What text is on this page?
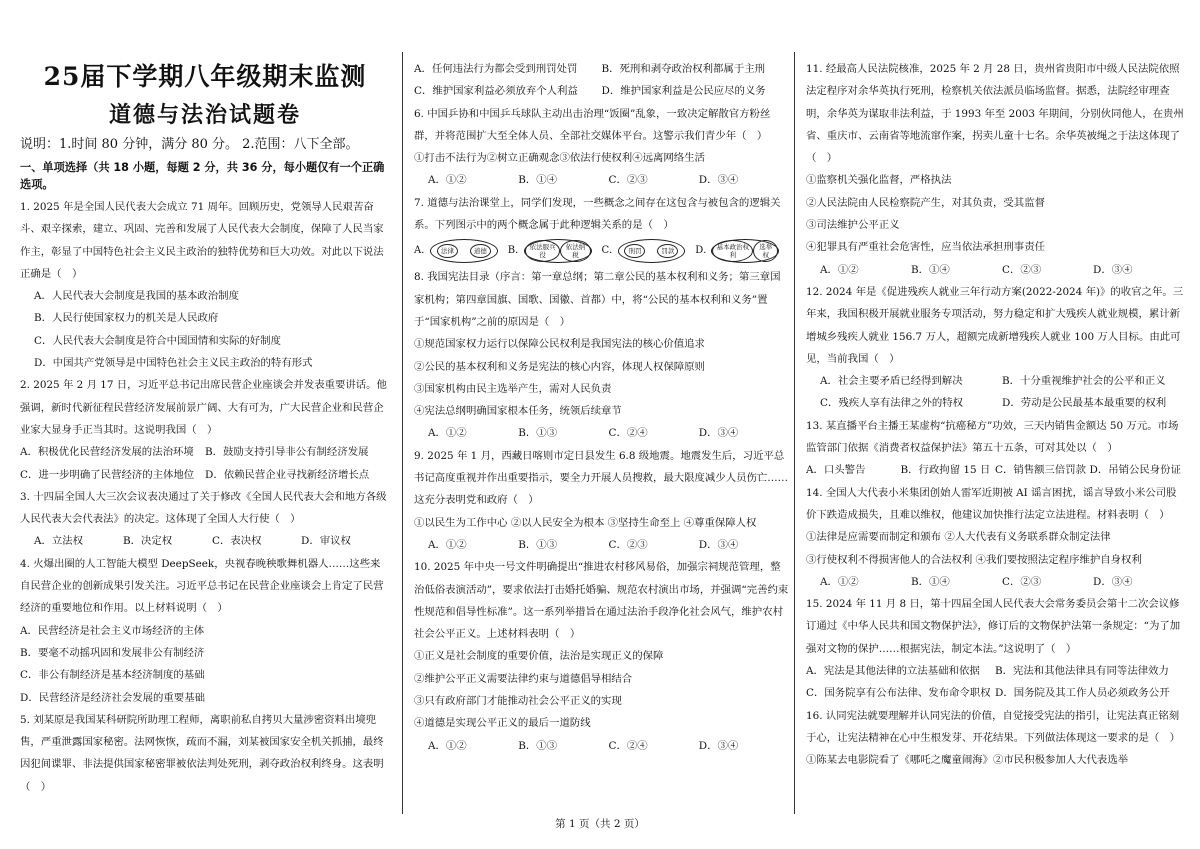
25届下学期八年级期末监测
道德与法治试题卷
说明：1.时间 80 分钟，满分 80 分。 2.范围：八下全部。
一、单项选择（共 18 小题，每题 2 分，共 36 分，每小题仅有一个正确选项。

1. 2025 年是全国人民代表大会成立 71 周年。回顾历史，党领导人民艰苦奋斗、艰辛探索，建立、巩固、完善和发展了人民代表大会制度，保障了人民当家作主，彰显了中国特色社会主义民主政治的独特优势和巨大功效。对此以下说法正确是（　）

A．人民代表大会制度是我国的基本政治制度

B．人民行使国家权力的机关是人民政府

C．人民代表大会制度是符合中国国情和实际的好制度

D．中国共产党领导是中国特色社会主义民主政治的特有形式

2. 2025 年 2 月 17 日，习近平总书记出席民营企业座谈会并发表重要讲话。他强调，新时代新征程民营经济发展前景广阔、大有可为，广大民营企业和民营企业家大显身手正当其时。这说明我国（　）

A．积极优化民营经济发展的法治环境	B．鼓励支持引导非公有制经济发展
C．进一步明确了民营经济的主体地位	D．依赖民营企业寻找新经济增长点

3. 十四届全国人大三次会议表决通过了关于修改《全国人民代表大会和地方各级人民代表大会代表法》的决定。这体现了全国人大行使（　）

A．立法权	B．决定权	C．表决权	D．审议权

4. 火爆出圈的人工智能大模型 DeepSeek，央视春晚秧歌舞机器人……这些来自民营企业的创新成果引发关注。习近平总书记在民营企业座谈会上肯定了民营经济的重要地位和作用。以上材料说明（　）

A．民营经济是社会主义市场经济的主体

B．要毫不动摇巩固和发展非公有制经济

C．非公有制经济是基本经济制度的基础

D．民营经济是经济社会发展的重要基础

5. 刘某原是我国某科研院所助理工程师，离职前私自拷贝大量涉密资料出境兜售，严重泄露国家秘密。法网恢恢，疏而不漏，刘某被国家安全机关抓捕，最终因犯间谍罪、非法提供国家秘密罪被依法判处死刑，剥夺政治权利终身。这表明（　）

A．任何违法行为都会受到刑罚处罚	B．死刑和剥夺政治权利都属于主刑
C．维护国家利益必须放弃个人利益	D．维护国家利益是公民应尽的义务

6. 中国乒协和中国乒乓球队主动出击治理“饭圈”乱象，一致决定解散官方粉丝群，并将范围扩大至全体人员、全部社交媒体平台。这警示我们青少年（　）

①打击不法行为②树立正确观念③依法行使权利④远离网络生活

A．①②	B．①④	C．②③	D．③④

7. 道德与法治课堂上，同学们发现，一些概念之间存在这包含与被包含的逻辑关系。下列图示中的两个概念属于此种逻辑关系的是（　）

A．	法律	道德	B． 依法服兵役
依法纳税	C．	刑罚	罚款	D． 基本政治权利
选举权

8. 我国宪法目录（序言：第一章总纲；第二章公民的基本权利和义务；第三章国家机构；第四章国旗、国歌、国徽、首都）中，将“公民的基本权利和义务”置于“国家机构”之前的原因是（　）

①规范国家权力运行以保障公民权利是我国宪法的核心价值追求

②公民的基本权利和义务是宪法的核心内容，体现人权保障原则

③国家机构由民主选举产生，需对人民负责

④宪法总纲明确国家根本任务，统领后续章节

A．①②	B．①③	C．②④	D．③④

9. 2025 年 1 月，西藏日喀则市定日县发生 6.8 级地震。地震发生后，习近平总书记高度重视并作出重要指示，要全力开展人员搜救，最大限度减少人员伤亡……这充分表明党和政府（　）

①以民生为工作中心 ②以人民安全为根本 ③坚持生命至上 ④尊重保障人权

A．①②	B．①③	C．②③	D．③④

10. 2025 年中央一号文件明确提出“推进农村移风易俗，加强宗祠规范管理，整治低俗表演活动”，要求依法打击婚托婚骗、规范农村演出市场，并强调“完善约束性规范和倡导性标准”。这一系列举措旨在通过法治手段净化社会风气，维护农村社会公平正义。上述材料表明（　）

①正义是社会制度的重要价值，法治是实现正义的保障

②维护公平正义需要法律约束与道德倡导相结合

③只有政府部门才能推动社会公平正义的实现

④道德是实现公平正义的最后一道防线

A．①②	B．①③	C．②④	D．③④

11. 经最高人民法院核准，2025 年 2 月 28 日，贵州省贵阳市中级人民法院依照法定程序对余华英执行死刑，检察机关依法派员临场监督。据悉，法院经审理查明，余华英为谋取非法利益，于 1993 年至 2003 年期间，分别伙同他人，在贵州省、重庆市、云南省等地流窜作案，拐卖儿童十七名。余华英被绳之于法这体现了（　）

①监察机关强化监督，严格执法

②人民法院由人民检察院产生，对其负责，受其监督

③司法维护公平正义

④犯罪具有严重社会危害性，应当依法承担刑事责任

A．①②	B．①④	C．②③	D．③④

12. 2024 年是《促进残疾人就业三年行动方案(2022-2024 年)》的收官之年。三年来，我国积极开展就业服务专项活动，努力稳定和扩大残疾人就业规模，累计新增城乡残疾人就业 156.7 万人，超额完成新增残疾人就业 100 万人目标。由此可见，当前我国（　）

A．社会主要矛盾已经得到解决	B．十分重视维护社会的公平和正义
C．残疾人享有法律之外的特权	D．劳动是公民最基本最重要的权利

13. 某直播平台主播王某虚构“抗癌秘方”功效，三天内销售金额达 50 万元。市场监管部门依据《消费者权益保护法》第五十五条，可对其处以（　）

A．口头警告	B．行政拘留 15 日 C．销售额三倍罚款 D．吊销公民身份证

14. 全国人大代表小米集团创始人雷军近期被 AI 谣言困扰，谣言导致小米公司股价下跌造成损失，且难以维权，他建议加快推行法定立法进程。材料表明（　）

①法律是应需要而制定和颁布 ②人大代表有义务联系群众制定法律

③行使权利不得损害他人的合法权利 ④我们要按照法定程序维护自身权利

A．①②	B．①④	C．②③	D．③④

15. 2024 年 11 月 8 日，第十四届全国人民代表大会常务委员会第十二次会议修订通过《中华人民共和国文物保护法》，修订后的文物保护法第一条规定：“为了加强对文物的保护……根据宪法，制定本法。”这说明了（　）

A．宪法是其他法律的立法基础和依据	B．宪法和其他法律具有同等法律效力
C．国务院享有公布法律、发布命令职权 D．国务院及其工作人员必须政务公开

16. 认同宪法就要理解并认同宪法的价值，自觉接受宪法的指引，让宪法真正铭刻于心，让宪法精神在心中生根发芽、开花结果。下列做法体现这一要求的是（　）

①陈某去电影院看了《哪吒之魔童闹海》②市民积极参加人大代表选举

第 1 页（共 2 页）
